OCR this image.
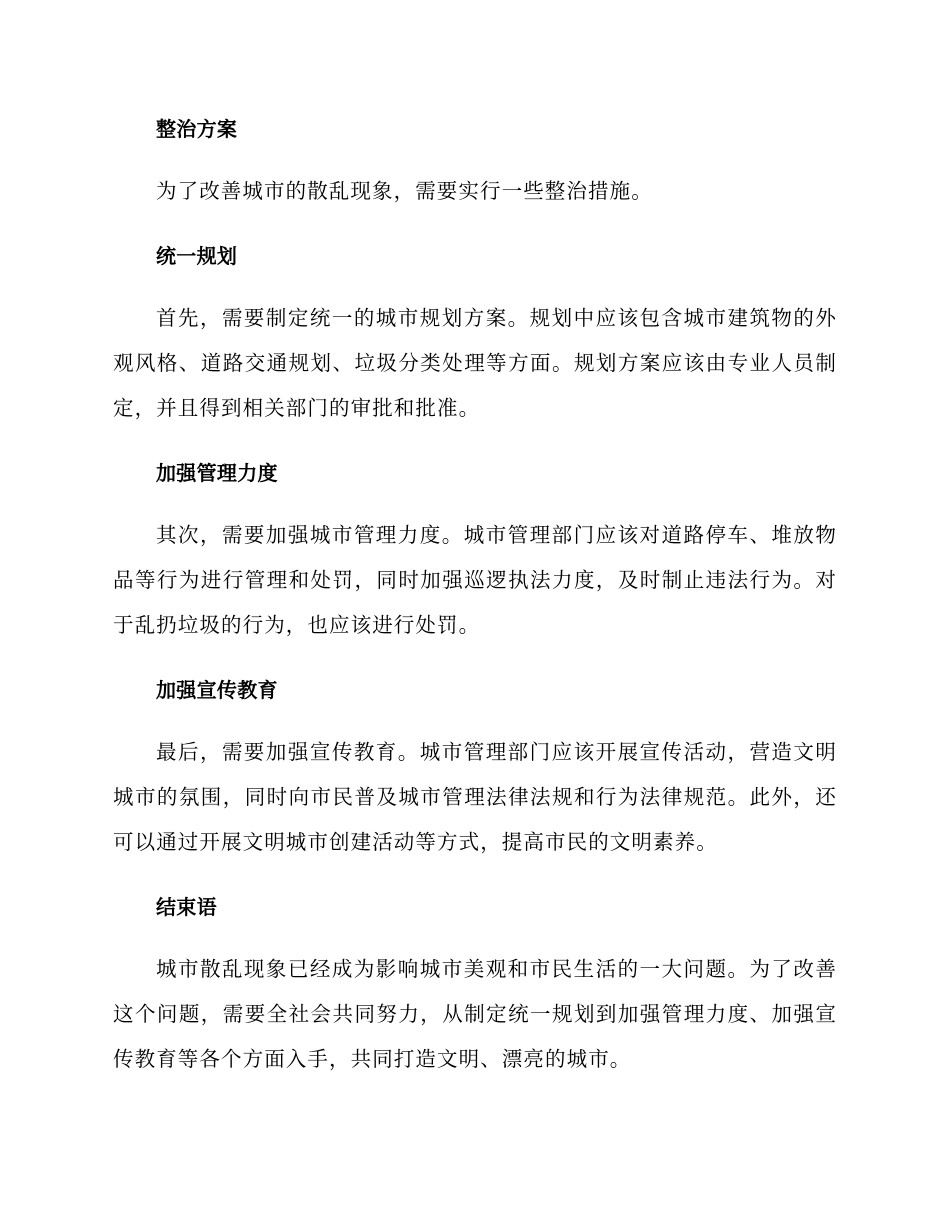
整治方案

为了改善城市的散乱现象，需要实行一些整治措施。

统一规划

首先，需要制定统一的城市规划方案。规划中应该包含城市建筑物的外观风格、道路交通规划、垃圾分类处理等方面。规划方案应该由专业人员制定，并且得到相关部门的审批和批准。

加强管理力度

其次，需要加强城市管理力度。城市管理部门应该对道路停车、堆放物品等行为进行管理和处罚，同时加强巡逻执法力度，及时制止违法行为。对于乱扔垃圾的行为，也应该进行处罚。

加强宣传教育

最后，需要加强宣传教育。城市管理部门应该开展宣传活动，营造文明城市的氛围，同时向市民普及城市管理法律法规和行为法律规范。此外，还可以通过开展文明城市创建活动等方式，提高市民的文明素养。

结束语

城市散乱现象已经成为影响城市美观和市民生活的一大问题。为了改善这个问题，需要全社会共同努力，从制定统一规划到加强管理力度、加强宣传教育等各个方面入手，共同打造文明、漂亮的城市。
